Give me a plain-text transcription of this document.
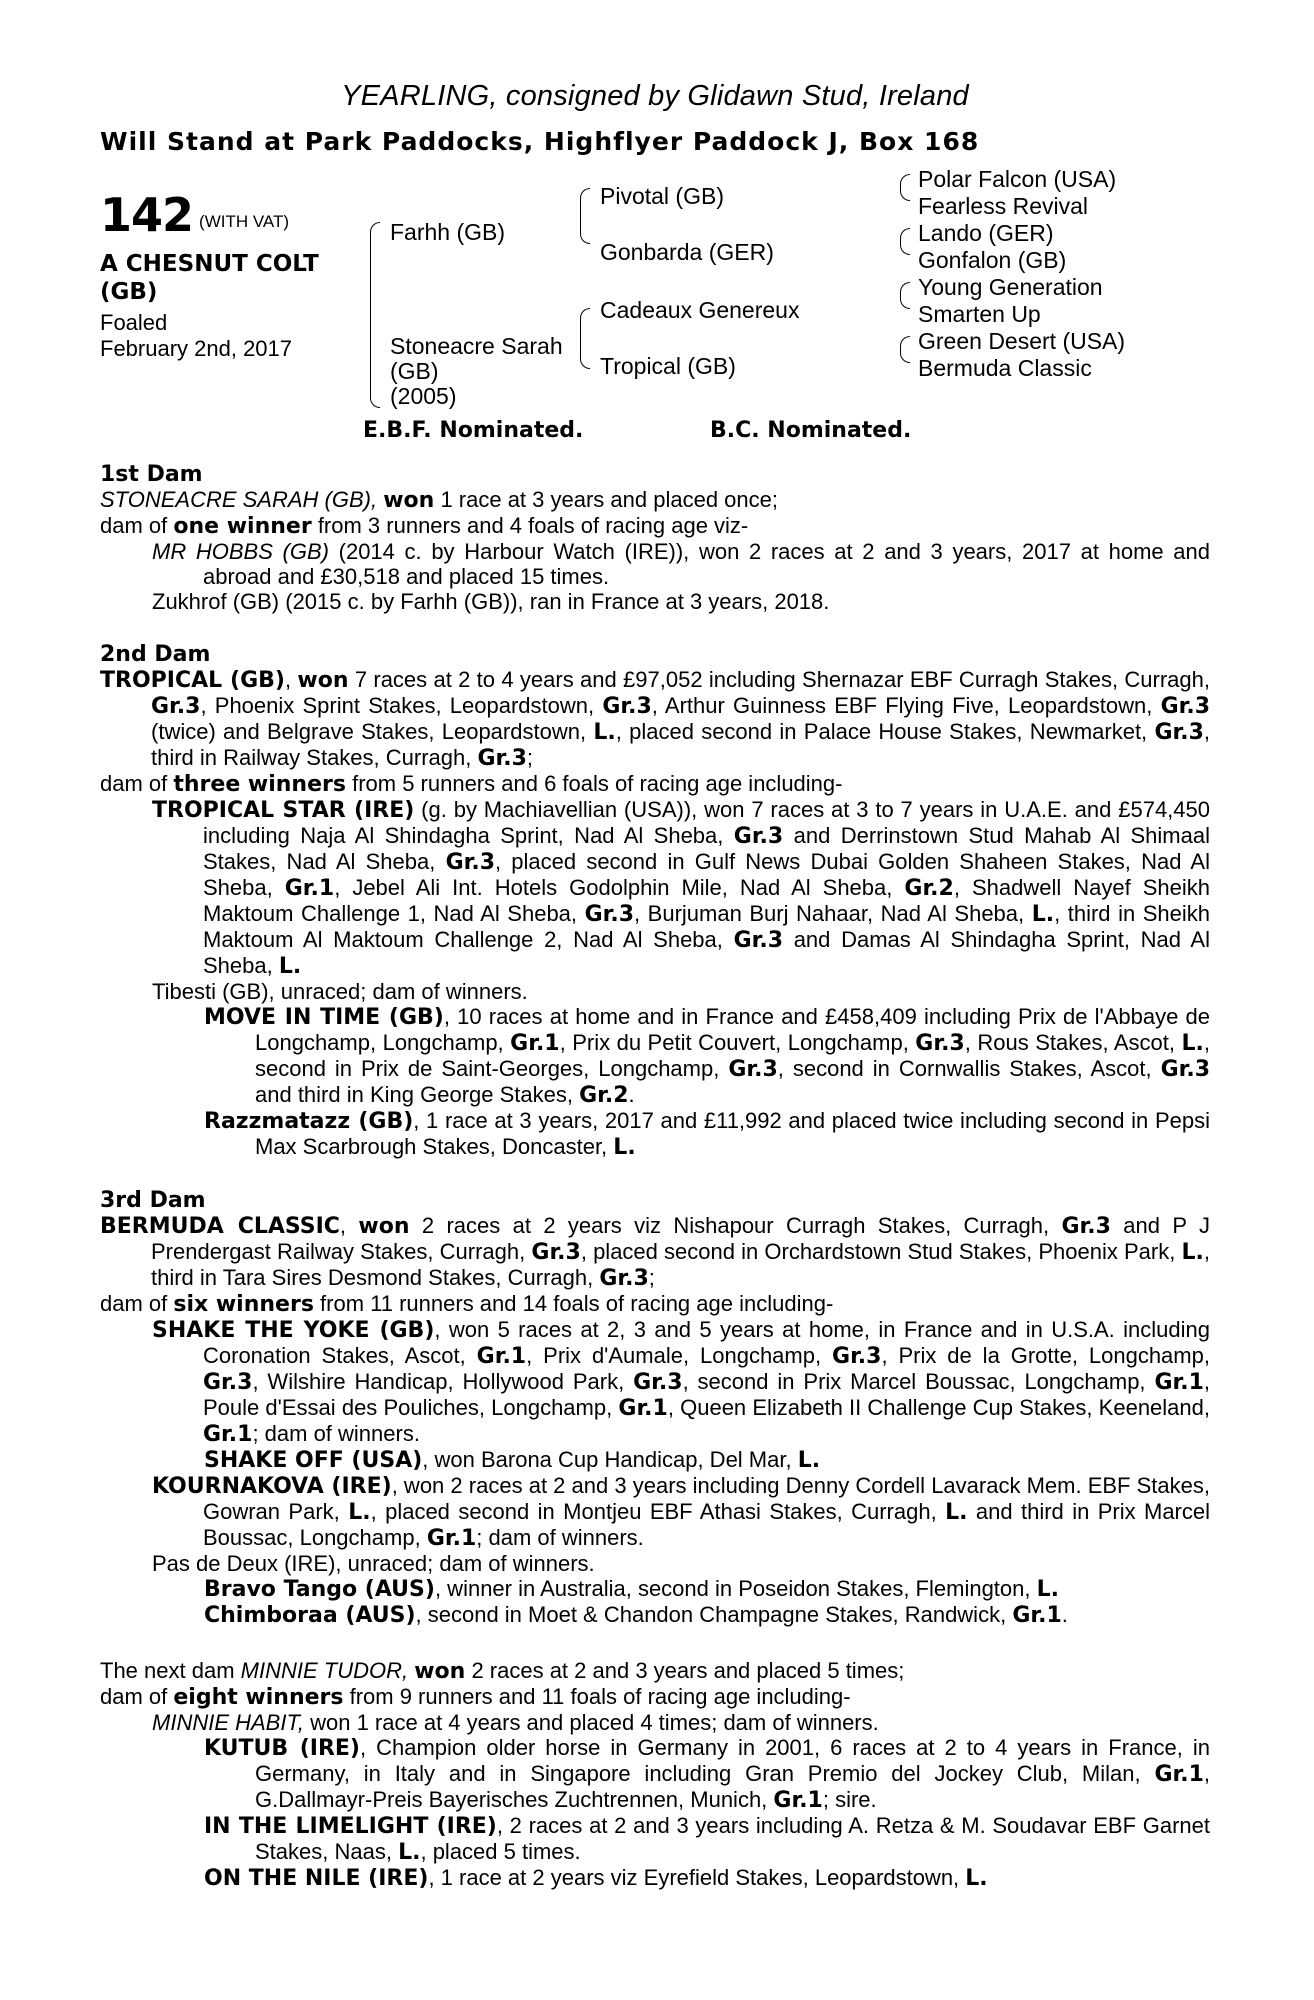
YEARLING, consigned by Glidawn Stud, Ireland
Will Stand at Park Paddocks, Highflyer Paddock J, Box 168
142 (WITH VAT)
A CHESNUT COLT
(GB)
Foaled
February 2nd, 2017
Farhh (GB)
Stoneacre Sarah
(GB)
(2005)
Pivotal (GB)
Gonbarda (GER)
Cadeaux Genereux
Tropical (GB)
Polar Falcon (USA)
Fearless Revival
Lando (GER)
Gonfalon (GB)
Young Generation
Smarten Up
Green Desert (USA)
Bermuda Classic
E.B.F. Nominated.	B.C. Nominated.
1st Dam

STONEACRE SARAH (GB), won 1 race at 3 years and placed once;

dam of one winner from 3 runners and 4 foals of racing age viz-

MR HOBBS (GB) (2014 c. by Harbour Watch (IRE)), won 2 races at 2 and 3 years, 2017 at home and abroad and £30,518 and placed 15 times.

Zukhrof (GB) (2015 c. by Farhh (GB)), ran in France at 3 years, 2018.

2nd Dam

TROPICAL (GB), won 7 races at 2 to 4 years and £97,052 including Shernazar EBF Curragh Stakes, Curragh, Gr.3, Phoenix Sprint Stakes, Leopardstown, Gr.3, Arthur Guinness EBF Flying Five, Leopardstown, Gr.3 (twice) and Belgrave Stakes, Leopardstown, L., placed second in Palace House Stakes, Newmarket, Gr.3, third in Railway Stakes, Curragh, Gr.3;

dam of three winners from 5 runners and 6 foals of racing age including-

TROPICAL STAR (IRE) (g. by Machiavellian (USA)), won 7 races at 3 to 7 years in U.A.E. and £574,450 including Naja Al Shindagha Sprint, Nad Al Sheba, Gr.3 and Derrinstown Stud Mahab Al Shimaal Stakes, Nad Al Sheba, Gr.3, placed second in Gulf News Dubai Golden Shaheen Stakes, Nad Al Sheba, Gr.1, Jebel Ali Int. Hotels Godolphin Mile, Nad Al Sheba, Gr.2, Shadwell Nayef Sheikh Maktoum Challenge 1, Nad Al Sheba, Gr.3, Burjuman Burj Nahaar, Nad Al Sheba, L., third in Sheikh Maktoum Al Maktoum Challenge 2, Nad Al Sheba, Gr.3 and Damas Al Shindagha Sprint, Nad Al Sheba, L.

Tibesti (GB), unraced; dam of winners.

MOVE IN TIME (GB), 10 races at home and in France and £458,409 including Prix de l'Abbaye de Longchamp, Longchamp, Gr.1, Prix du Petit Couvert, Longchamp, Gr.3, Rous Stakes, Ascot, L., second in Prix de Saint-Georges, Longchamp, Gr.3, second in Cornwallis Stakes, Ascot, Gr.3 and third in King George Stakes, Gr.2.

Razzmatazz (GB), 1 race at 3 years, 2017 and £11,992 and placed twice including second in Pepsi Max Scarbrough Stakes, Doncaster, L.

3rd Dam

BERMUDA CLASSIC, won 2 races at 2 years viz Nishapour Curragh Stakes, Curragh, Gr.3 and P J Prendergast Railway Stakes, Curragh, Gr.3, placed second in Orchardstown Stud Stakes, Phoenix Park, L., third in Tara Sires Desmond Stakes, Curragh, Gr.3;

dam of six winners from 11 runners and 14 foals of racing age including-

SHAKE THE YOKE (GB), won 5 races at 2, 3 and 5 years at home, in France and in U.S.A. including Coronation Stakes, Ascot, Gr.1, Prix d'Aumale, Longchamp, Gr.3, Prix de la Grotte, Longchamp, Gr.3, Wilshire Handicap, Hollywood Park, Gr.3, second in Prix Marcel Boussac, Longchamp, Gr.1, Poule d'Essai des Pouliches, Longchamp, Gr.1, Queen Elizabeth II Challenge Cup Stakes, Keeneland, Gr.1; dam of winners.

SHAKE OFF (USA), won Barona Cup Handicap, Del Mar, L.

KOURNAKOVA (IRE), won 2 races at 2 and 3 years including Denny Cordell Lavarack Mem. EBF Stakes, Gowran Park, L., placed second in Montjeu EBF Athasi Stakes, Curragh, L. and third in Prix Marcel Boussac, Longchamp, Gr.1; dam of winners.

Pas de Deux (IRE), unraced; dam of winners.

Bravo Tango (AUS), winner in Australia, second in Poseidon Stakes, Flemington, L.

Chimboraa (AUS), second in Moet & Chandon Champagne Stakes, Randwick, Gr.1.

The next dam MINNIE TUDOR, won 2 races at 2 and 3 years and placed 5 times;

dam of eight winners from 9 runners and 11 foals of racing age including-

MINNIE HABIT, won 1 race at 4 years and placed 4 times; dam of winners.

KUTUB (IRE), Champion older horse in Germany in 2001, 6 races at 2 to 4 years in France, in Germany, in Italy and in Singapore including Gran Premio del Jockey Club, Milan, Gr.1, G.Dallmayr-Preis Bayerisches Zuchtrennen, Munich, Gr.1; sire.

IN THE LIMELIGHT (IRE), 2 races at 2 and 3 years including A. Retza & M. Soudavar EBF Garnet Stakes, Naas, L., placed 5 times.

ON THE NILE (IRE), 1 race at 2 years viz Eyrefield Stakes, Leopardstown, L.
